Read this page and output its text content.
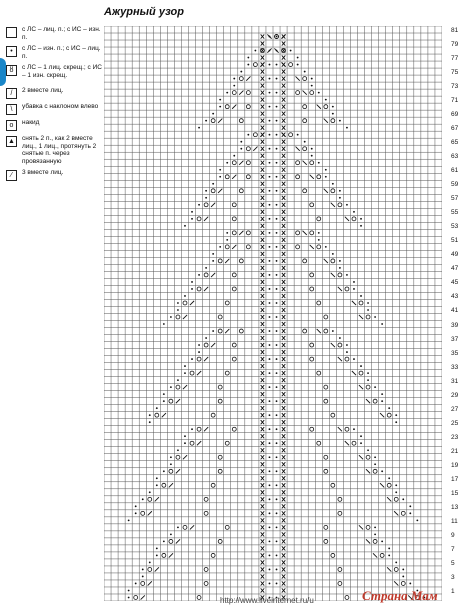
Ажурный узор
с ЛС – лиц. п.; с ИС – изн. п.
•	с ЛС – изн. п.; с ИС – лиц. п.
ȣ	с ЛС – 1 лиц. скрещ.; с ИС – 1 изн. скрещ.
/	2 вместе лиц.
\	убавка с наклоном влево
o	накид
▲	снять 2 п., как 2 вместе лиц., 1 лиц., протянуть 2 снятые п. через провязанную
⁄	3 вместе лиц.
81
79
77
75
73
71
69
67
65
63
61
59
57
55
53
51
49
47
45
43
41
39
37
35
33
31
29
27
25
23
21
19
17
15
13
11
9
7
5
3
1
http://www.liveinternet.ru/u	Страна Мам
